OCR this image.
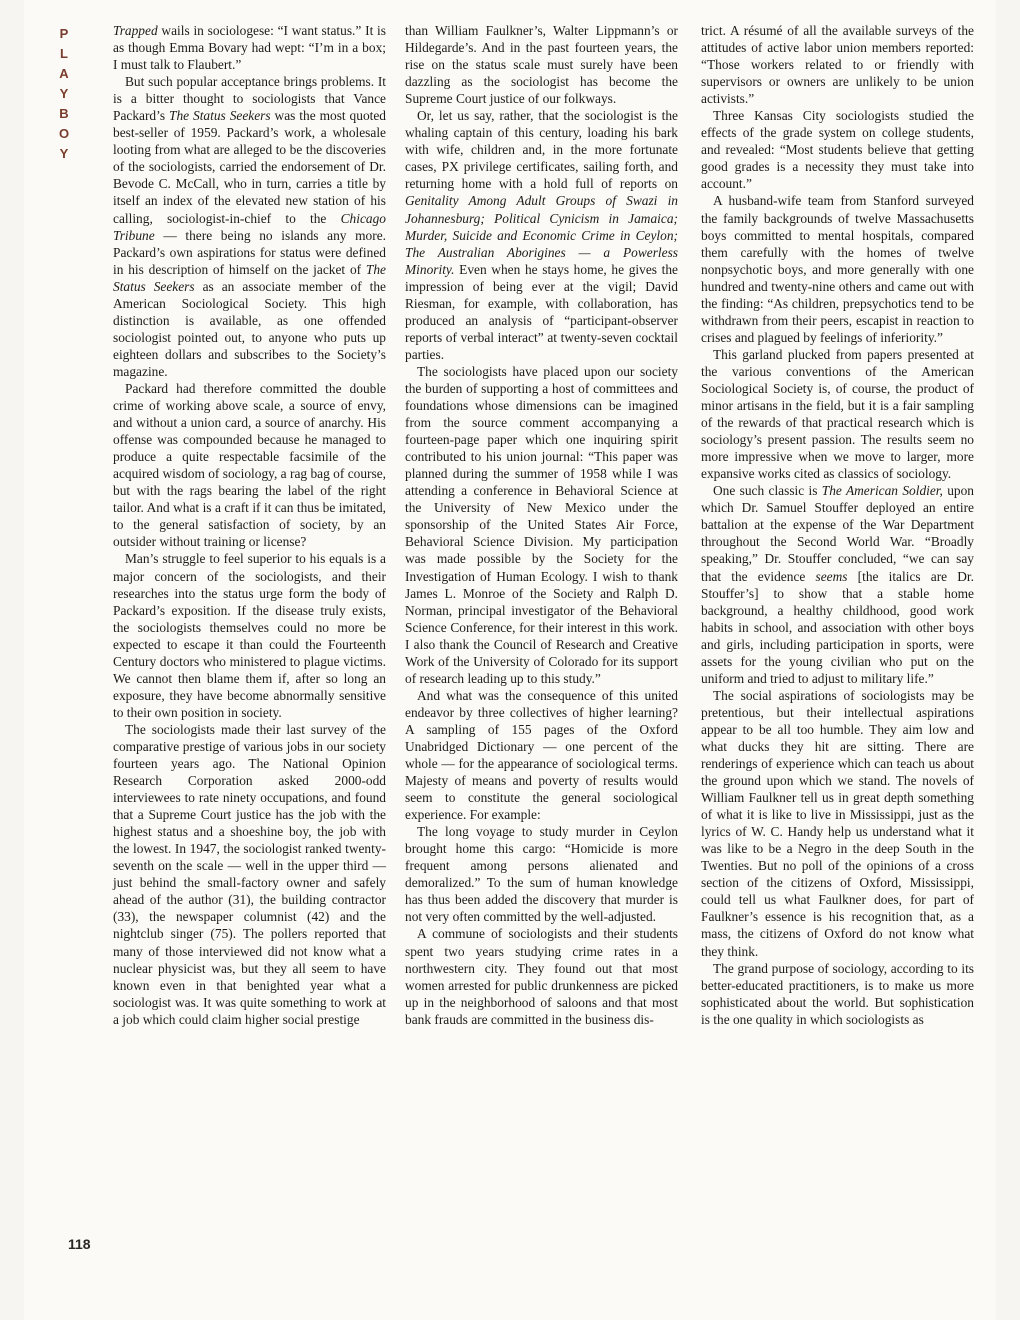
P
L
A
Y
B
O
Y

Trapped wails in sociologese: “I want status.” It is as though Emma Bovary had wept: “I’m in a box; I must talk to Flaubert.”

But such popular acceptance brings problems. It is a bitter thought to sociologists that Vance Packard’s The Status Seekers was the most quoted best-seller of 1959. Packard’s work, a wholesale looting from what are alleged to be the discoveries of the sociologists, carried the endorsement of Dr. Bevode C. McCall, who in turn, carries a title by itself an index of the elevated new station of his calling, sociologist-in-chief to the Chicago Tribune — there being no islands any more. Packard’s own aspirations for status were defined in his description of himself on the jacket of The Status Seekers as an associate member of the American Sociological Society. This high distinction is available, as one offended sociologist pointed out, to anyone who puts up eighteen dollars and subscribes to the Society’s magazine.

Packard had therefore committed the double crime of working above scale, a source of envy, and without a union card, a source of anarchy. His offense was compounded because he managed to produce a quite respectable facsimile of the acquired wisdom of sociology, a rag bag of course, but with the rags bearing the label of the right tailor. And what is a craft if it can thus be imitated, to the general satisfaction of society, by an outsider without training or license?

Man’s struggle to feel superior to his equals is a major concern of the sociologists, and their researches into the status urge form the body of Packard’s exposition. If the disease truly exists, the sociologists themselves could no more be expected to escape it than could the Fourteenth Century doctors who ministered to plague victims. We cannot then blame them if, after so long an exposure, they have become abnormally sensitive to their own position in society.

The sociologists made their last survey of the comparative prestige of various jobs in our society fourteen years ago. The National Opinion Research Corporation asked 2000-odd interviewees to rate ninety occupations, and found that a Supreme Court justice has the job with the highest status and a shoeshine boy, the job with the lowest. In 1947, the sociologist ranked twenty-seventh on the scale — well in the upper third — just behind the small-factory owner and safely ahead of the author (31), the building contractor (33), the newspaper columnist (42) and the nightclub singer (75). The pollers reported that many of those interviewed did not know what a nuclear physicist was, but they all seem to have known even in that benighted year what a sociologist was. It was quite something to work at a job which could claim higher social prestige

than William Faulkner’s, Walter Lippmann’s or Hildegarde’s. And in the past fourteen years, the rise on the status scale must surely have been dazzling as the sociologist has become the Supreme Court justice of our folkways.

Or, let us say, rather, that the sociologist is the whaling captain of this century, loading his bark with wife, children and, in the more fortunate cases, PX privilege certificates, sailing forth, and returning home with a hold full of reports on Genitality Among Adult Groups of Swazi in Johannesburg; Political Cynicism in Jamaica; Murder, Suicide and Economic Crime in Ceylon; The Australian Aborigines — a Powerless Minority. Even when he stays home, he gives the impression of being ever at the vigil; David Riesman, for example, with collaboration, has produced an analysis of “participant-observer reports of verbal interact” at twenty-seven cocktail parties.

The sociologists have placed upon our society the burden of supporting a host of committees and foundations whose dimensions can be imagined from the source comment accompanying a fourteen-page paper which one inquiring spirit contributed to his union journal: “This paper was planned during the summer of 1958 while I was attending a conference in Behavioral Science at the University of New Mexico under the sponsorship of the United States Air Force, Behavioral Science Division. My participation was made possible by the Society for the Investigation of Human Ecology. I wish to thank James L. Monroe of the Society and Ralph D. Norman, principal investigator of the Behavioral Science Conference, for their interest in this work. I also thank the Council of Research and Creative Work of the University of Colorado for its support of research leading up to this study.”

And what was the consequence of this united endeavor by three collectives of higher learning? A sampling of 155 pages of the Oxford Unabridged Dictionary — one percent of the whole — for the appearance of sociological terms. Majesty of means and poverty of results would seem to constitute the general sociological experience. For example:

The long voyage to study murder in Ceylon brought home this cargo: “Homicide is more frequent among persons alienated and demoralized.” To the sum of human knowledge has thus been added the discovery that murder is not very often committed by the well-adjusted.

A commune of sociologists and their students spent two years studying crime rates in a northwestern city. They found out that most women arrested for public drunkenness are picked up in the neighborhood of saloons and that most bank frauds are committed in the business dis-

trict. A résumé of all the available surveys of the attitudes of active labor union members reported: “Those workers related to or friendly with supervisors or owners are unlikely to be union activists.”

Three Kansas City sociologists studied the effects of the grade system on college students, and revealed: “Most students believe that getting good grades is a necessity they must take into account.”

A husband-wife team from Stanford surveyed the family backgrounds of twelve Massachusetts boys committed to mental hospitals, compared them carefully with the homes of twelve nonpsychotic boys, and more generally with one hundred and twenty-nine others and came out with the finding: “As children, prepsychotics tend to be withdrawn from their peers, escapist in reaction to crises and plagued by feelings of inferiority.”

This garland plucked from papers presented at the various conventions of the American Sociological Society is, of course, the product of minor artisans in the field, but it is a fair sampling of the rewards of that practical research which is sociology’s present passion. The results seem no more impressive when we move to larger, more expansive works cited as classics of sociology.

One such classic is The American Soldier, upon which Dr. Samuel Stouffer deployed an entire battalion at the expense of the War Department throughout the Second World War. “Broadly speaking,” Dr. Stouffer concluded, “we can say that the evidence seems [the italics are Dr. Stouffer’s] to show that a stable home background, a healthy childhood, good work habits in school, and association with other boys and girls, including participation in sports, were assets for the young civilian who put on the uniform and tried to adjust to military life.”

The social aspirations of sociologists may be pretentious, but their intellectual aspirations appear to be all too humble. They aim low and what ducks they hit are sitting. There are renderings of experience which can teach us about the ground upon which we stand. The novels of William Faulkner tell us in great depth something of what it is like to live in Mississippi, just as the lyrics of W. C. Handy help us understand what it was like to be a Negro in the deep South in the Twenties. But no poll of the opinions of a cross section of the citizens of Oxford, Mississippi, could tell us what Faulkner does, for part of Faulkner’s essence is his recognition that, as a mass, the citizens of Oxford do not know what they think.

The grand purpose of sociology, according to its better-educated practitioners, is to make us more sophisticated about the world. But sophistication is the one quality in which sociologists as

118
